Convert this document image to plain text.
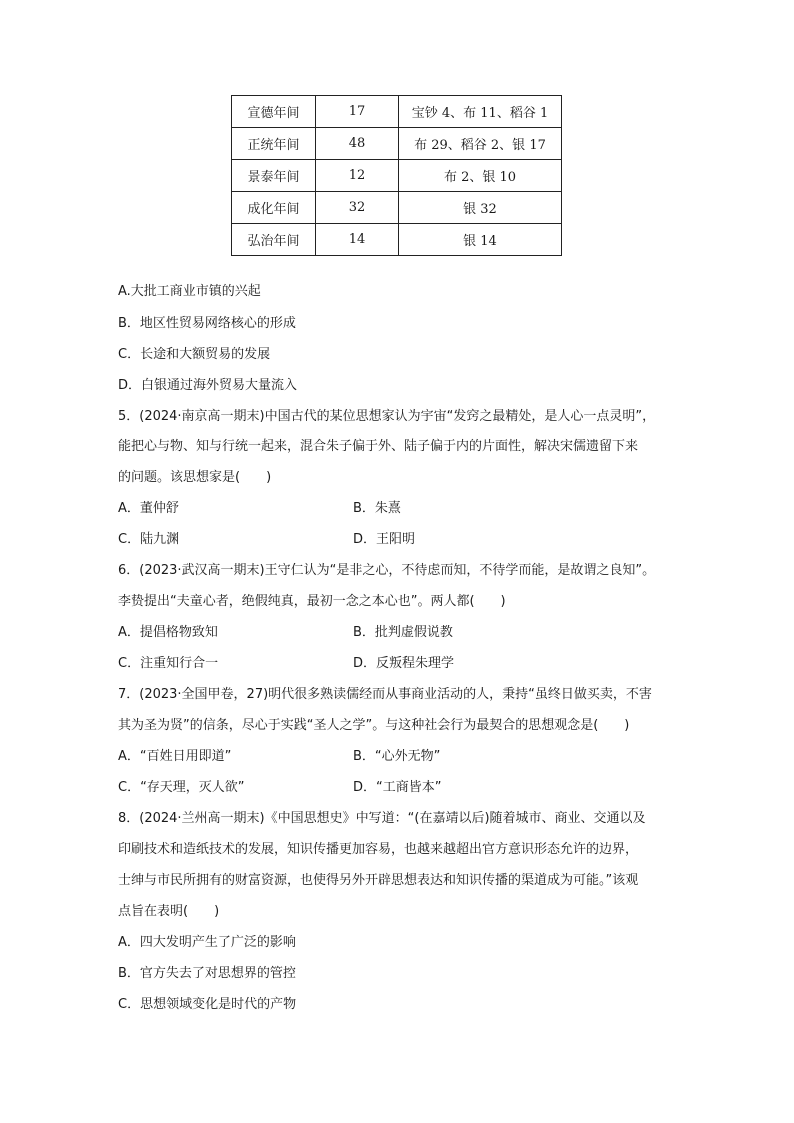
宣德年间	17	宝钞 4、布 11、稻谷 1
正统年间	48	布 29、稻谷 2、银 17
景泰年间	12	布 2、银 10
成化年间	32	银 32
弘治年间	14	银 14
A.大批工商业市镇的兴起
B．地区性贸易网络核心的形成
C．长途和大额贸易的发展
D．白银通过海外贸易大量流入
5．(2024·南京高一期末)中国古代的某位思想家认为宇宙“发窍之最精处，是人心一点灵明”，
能把心与物、知与行统一起来，混合朱子偏于外、陆子偏于内的片面性，解决宋儒遗留下来
的问题。该思想家是(　　)
A．董仲舒	B．朱熹
C．陆九渊	D．王阳明
6．(2023·武汉高一期末)王守仁认为“是非之心，不待虑而知，不待学而能，是故谓之良知”。
李贽提出“夫童心者，绝假纯真，最初一念之本心也”。两人都(　　)
A．提倡格物致知	B．批判虚假说教
C．注重知行合一	D．反叛程朱理学
7．(2023·全国甲卷，27)明代很多熟读儒经而从事商业活动的人，秉持“虽终日做买卖，不害
其为圣为贤”的信条，尽心于实践“圣人之学”。与这种社会行为最契合的思想观念是(　　)
A．“百姓日用即道”	B．“心外无物”
C．“存天理，灭人欲”	D．“工商皆本”
8．(2024·兰州高一期末)《中国思想史》中写道：“(在嘉靖以后)随着城市、商业、交通以及
印刷技术和造纸技术的发展，知识传播更加容易，也越来越超出官方意识形态允许的边界，
士绅与市民所拥有的财富资源，也使得另外开辟思想表达和知识传播的渠道成为可能。”该观
点旨在表明(　　)
A．四大发明产生了广泛的影响
B．官方失去了对思想界的管控
C．思想领域变化是时代的产物
